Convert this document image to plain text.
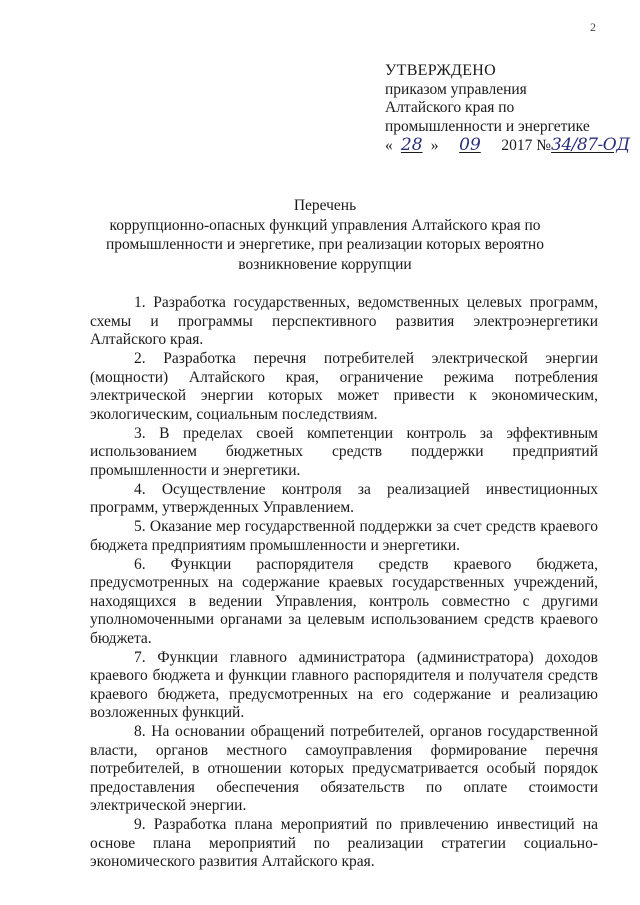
2
УТВЕРЖДЕНО
приказом управления
Алтайского края по
промышленности и энергетике
« 28 » 09 2017 №34/87-ОД
Перечень
коррупционно-опасных функций управления Алтайского края по
промышленности и энергетике, при реализации которых вероятно
возникновение коррупции

1. Разработка государственных, ведомственных целевых программ, схемы и программы перспективного развития электроэнергетики Алтайского края.

2. Разработка перечня потребителей электрической энергии (мощности) Алтайского края, ограничение режима потребления электрической энергии которых может привести к экономическим, экологическим, социальным последствиям.

3. В пределах своей компетенции контроль за эффективным использованием бюджетных средств поддержки предприятий промышленности и энергетики.

4. Осуществление контроля за реализацией инвестиционных программ, утвержденных Управлением.

5. Оказание мер государственной поддержки за счет средств краевого бюджета предприятиям промышленности и энергетики.

6. Функции распорядителя средств краевого бюджета, предусмотренных на содержание краевых государственных учреждений, находящихся в ведении Управления, контроль совместно с другими уполномоченными органами за целевым использованием средств краевого бюджета.

7. Функции главного администратора (администратора) доходов краевого бюджета и функции главного распорядителя и получателя средств краевого бюджета, предусмотренных на его содержание и реализацию возложенных функций.

8. На основании обращений потребителей, органов государственной власти, органов местного самоуправления формирование перечня потребителей, в отношении которых предусматривается особый порядок предоставления обеспечения обязательств по оплате стоимости электрической энергии.

9. Разработка плана мероприятий по привлечению инвестиций на основе плана мероприятий по реализации стратегии социально-экономического развития Алтайского края.
